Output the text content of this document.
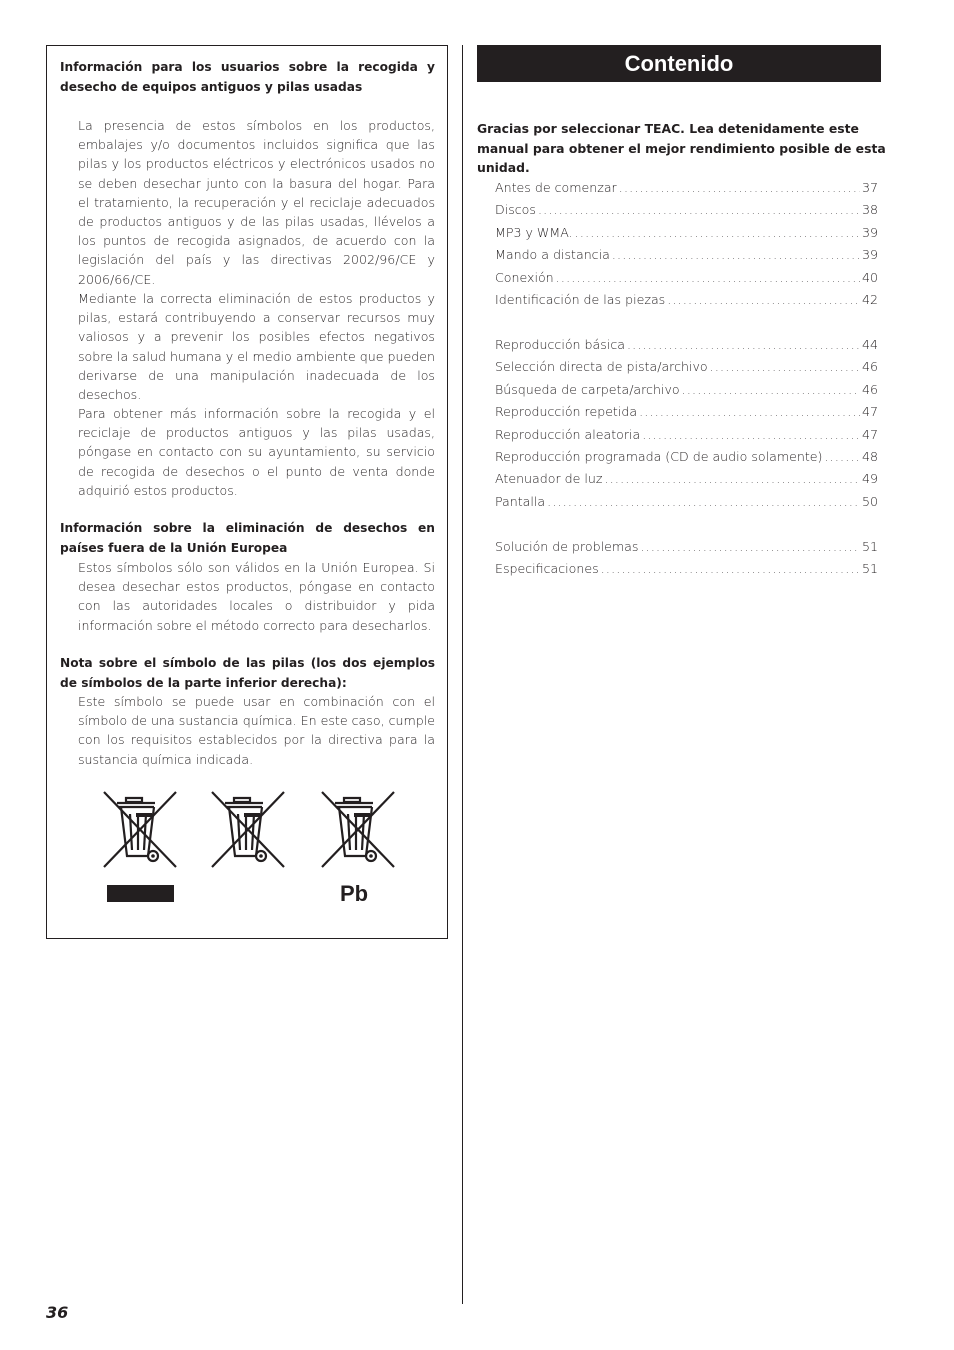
Información para los usuarios sobre la recogida y desecho de equipos antiguos y pilas usadas
La presencia de estos símbolos en los productos, embalajes y/o documentos incluidos significa que las pilas y los productos eléctricos y electrónicos usados no se deben desechar junto con la basura del hogar. Para el tratamiento, la recuperación y el reciclaje adecuados de productos antiguos y de las pilas usadas, llévelos a los puntos de recogida asignados, de acuerdo con la legislación del país y las directivas 2002/96/CE y 2006/66/CE.
Mediante la correcta eliminación de estos productos y pilas, estará contribuyendo a conservar recursos muy valiosos y a prevenir los posibles efectos negativos sobre la salud humana y el medio ambiente que pueden derivarse de una manipulación inadecuada de los desechos.
Para obtener más información sobre la recogida y el reciclaje de productos antiguos y las pilas usadas, póngase en contacto con su ayuntamiento, su servicio de recogida de desechos o el punto de venta donde adquirió estos productos.
Información sobre la eliminación de desechos en países fuera de la Unión Europea
Estos símbolos sólo son válidos en la Unión Europea. Si desea desechar estos productos, póngase en contacto con las autoridades locales o distribuidor y pida información sobre el método correcto para desecharlos.
Nota sobre el símbolo de las pilas (los dos ejemplos de símbolos de la parte inferior derecha):
Este símbolo se puede usar en combinación con el símbolo de una sustancia química. En este caso, cumple con los requisitos establecidos por la directiva para la sustancia química indicada.
Pb
Contenido
Gracias por seleccionar TEAC. Lea detenidamente este manual para obtener el mejor rendimiento posible de esta unidad.
Antes de comenzar .....	37
Discos .....	38
MP3 y WMA. .....	39
Mando a distancia .....	39
Conexión .....	40
Identificación de las piezas .....	42
Reproducción básica .....	44
Selección directa de pista/archivo .....	46
Búsqueda de carpeta/archivo .....	46
Reproducción repetida .....	47
Reproducción aleatoria .....	47
Reproducción programada (CD de audio solamente) .....	48
Atenuador de luz .....	49
Pantalla .....	50
Solución de problemas .....	51
Especificaciones .....	51
36
